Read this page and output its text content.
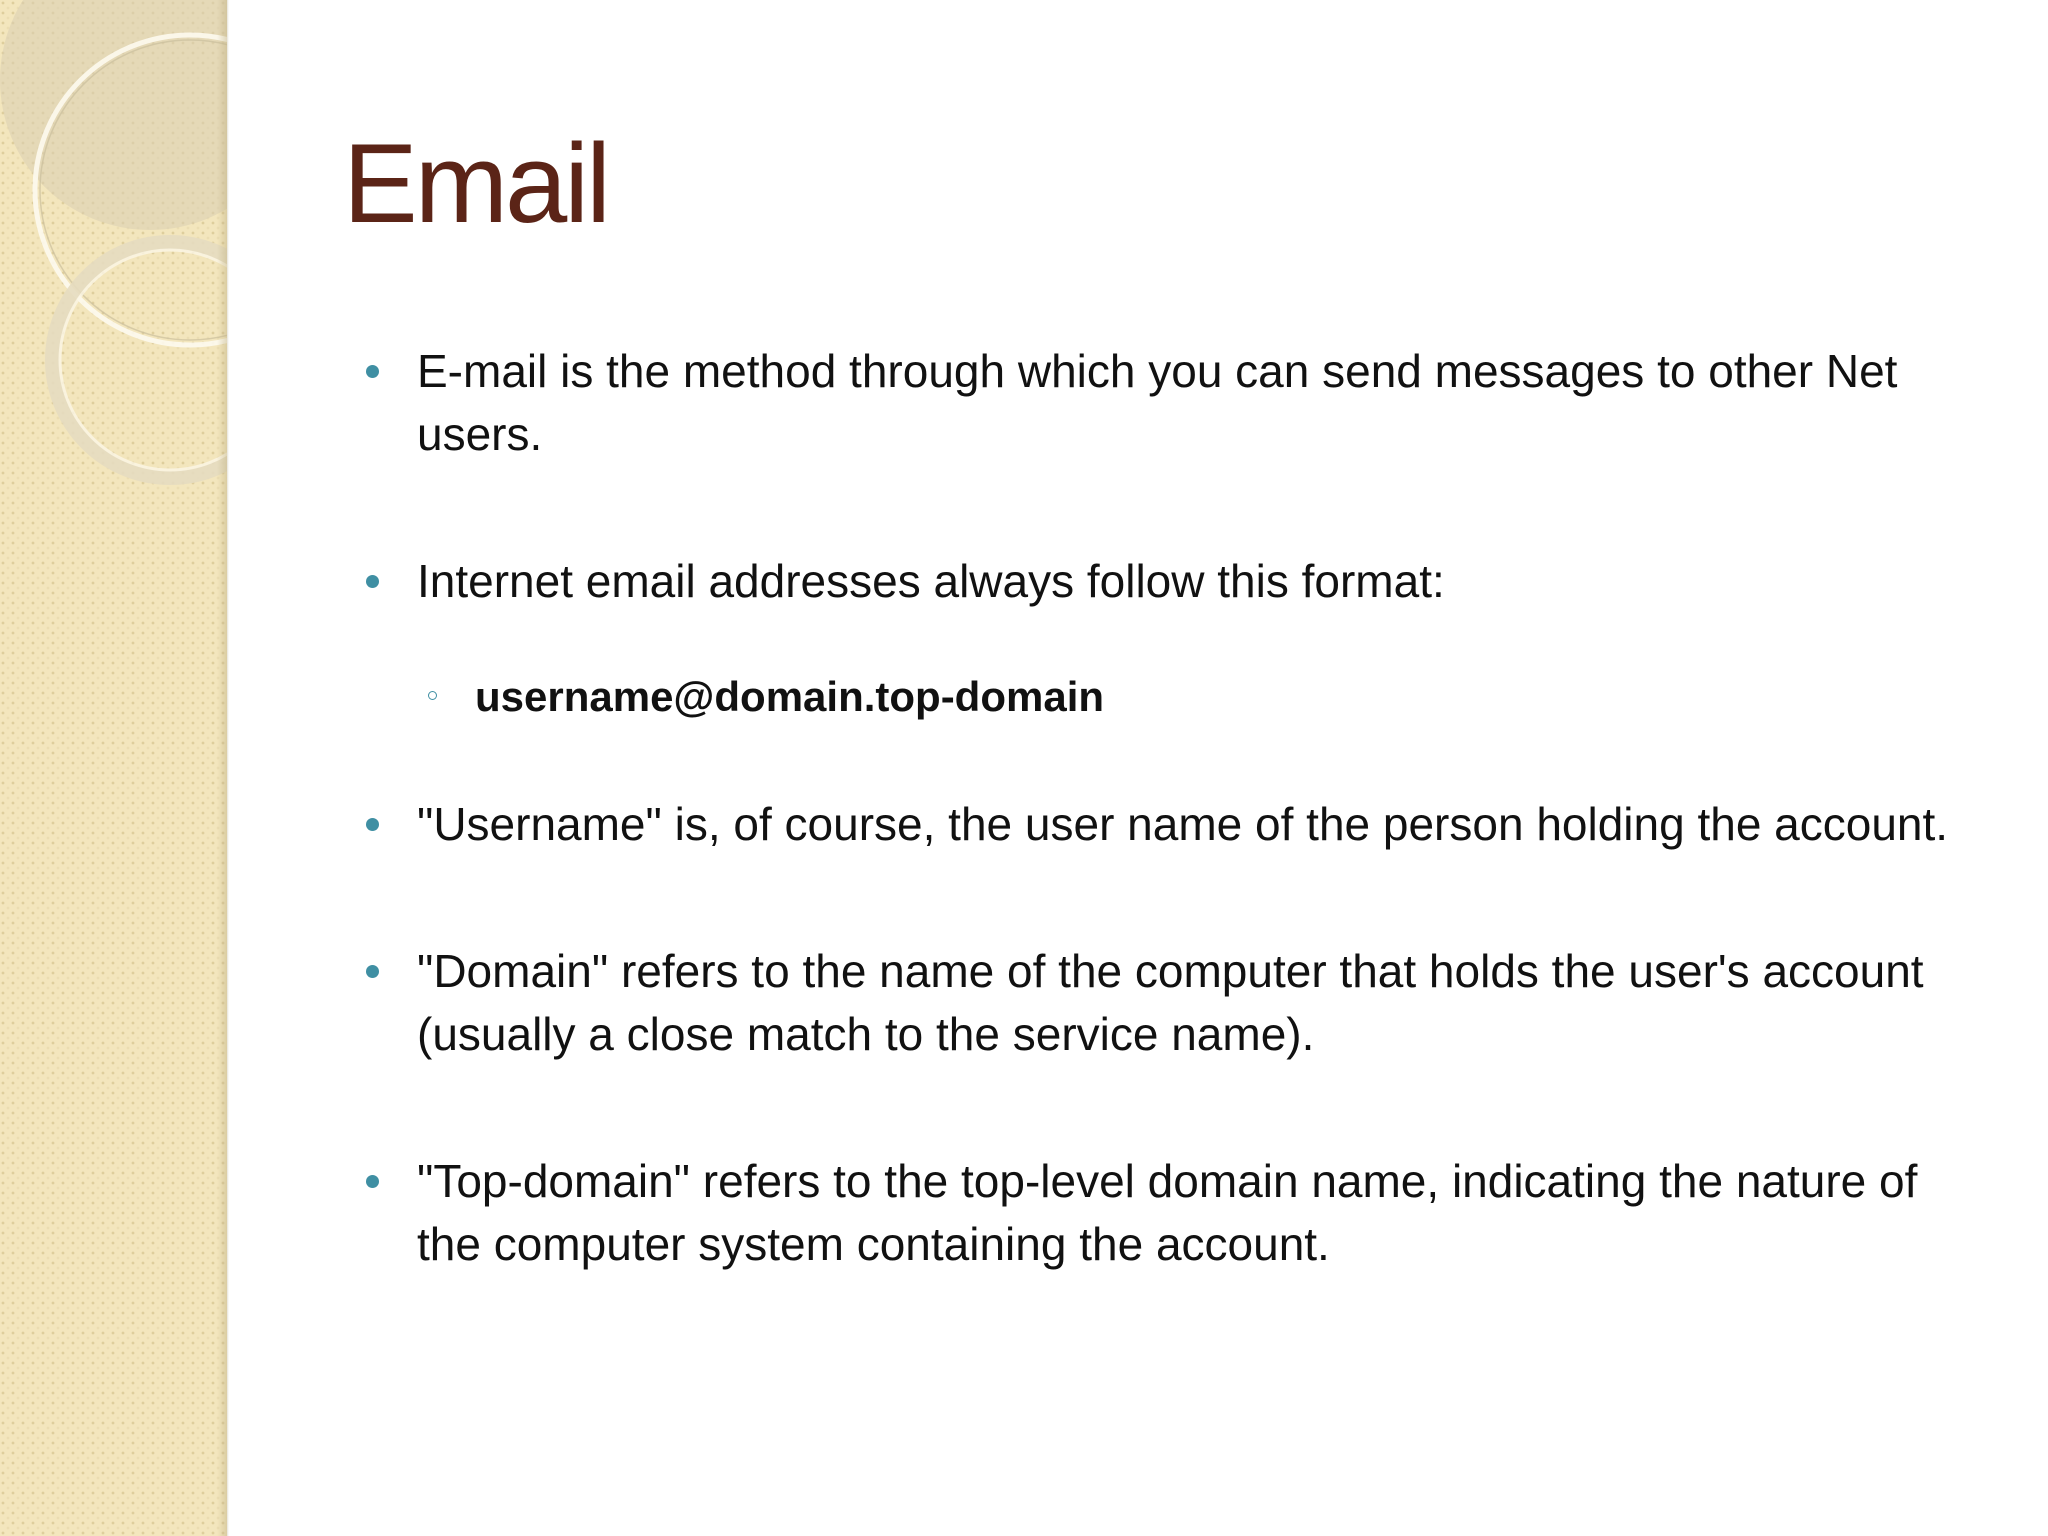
Email
E-mail is the method through which you can send messages to other Net users.
Internet email addresses always follow this format:
username@domain.top-domain
"Username" is, of course, the user name of the person holding the account.
"Domain" refers to the name of the computer that holds the user's account (usually a close match to the service name).
"Top-domain" refers to the top-level domain name, indicating the nature of the computer system containing the account.
